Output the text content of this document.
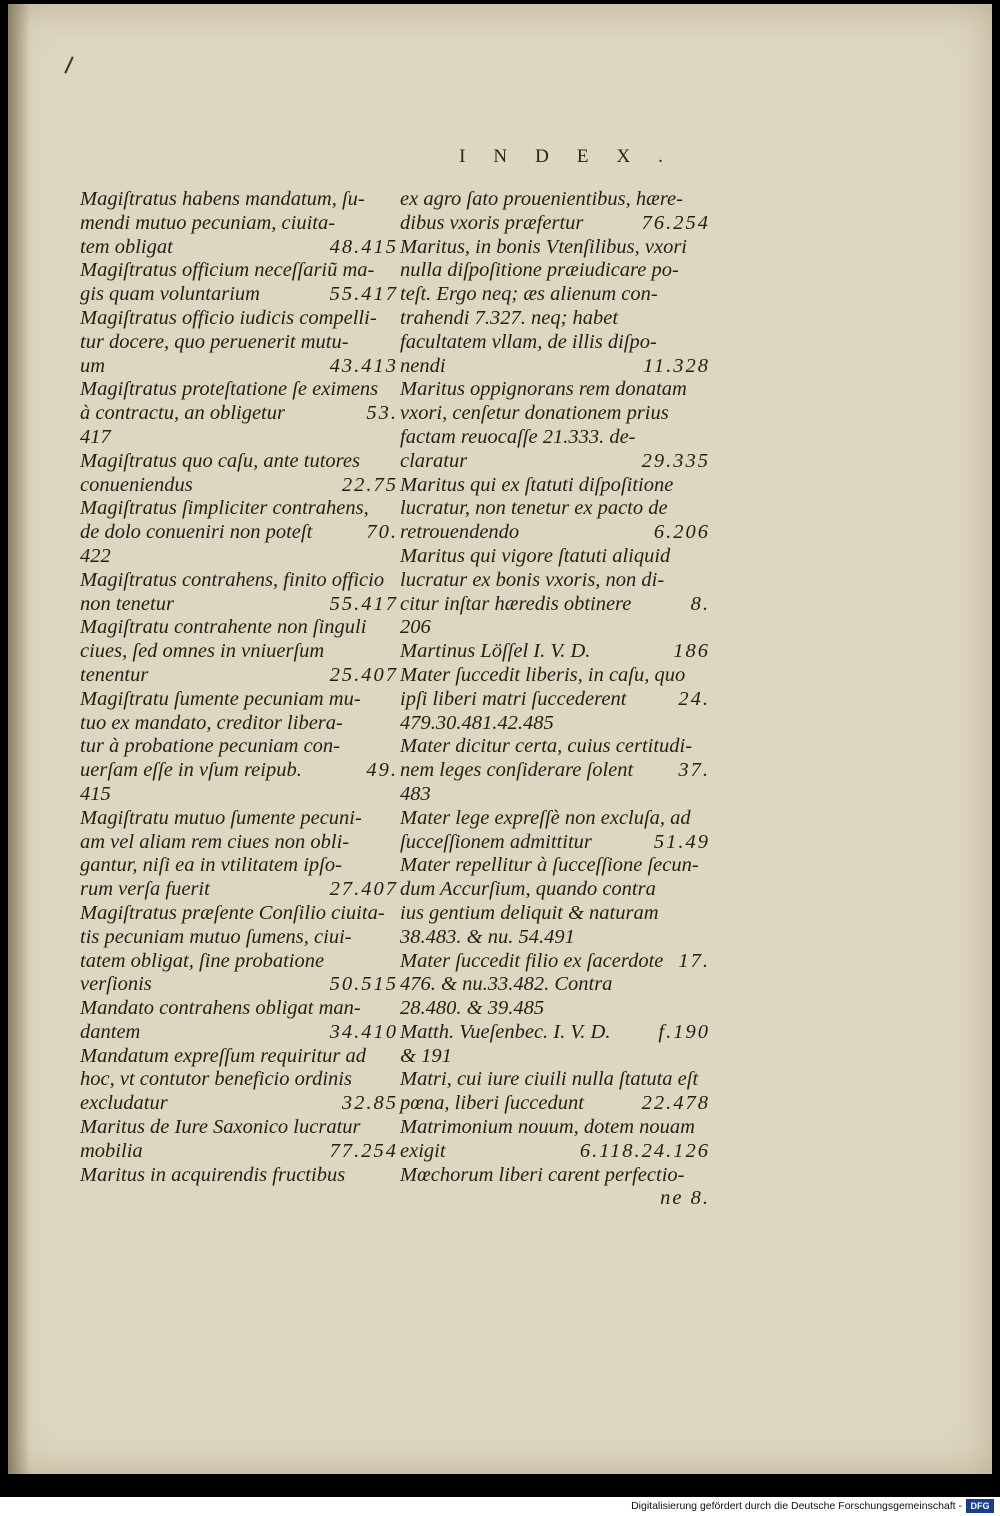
INDEX.
Magiſtratus habens mandatum, ſu-
mendi mutuo pecuniam, ciuita-
tem obligat	48.415
Magiſtratus officium neceſſariũ ma-
gis quam voluntarium	55.417
Magiſtratus officio iudicis compelli-
tur docere, quo peruenerit mutu-
um	43.413
Magiſtratus proteſtatione ſe eximens
à contractu, an obligetur	53.
417
Magiſtratus quo caſu, ante tutores
conueniendus	22.75
Magiſtratus ſimpliciter contrahens,
de dolo conueniri non poteſt	70.
422
Magiſtratus contrahens, finito officio
non tenetur	55.417
Magiſtratu contrahente non ſinguli
ciues, ſed omnes in vniuerſum
tenentur	25.407
Magiſtratu ſumente pecuniam mu-
tuo ex mandato, creditor libera-
tur à probatione pecuniam con-
uerſam eſſe in vſum reipub.	49.
415
Magiſtratu mutuo ſumente pecuni-
am vel aliam rem ciues non obli-
gantur, niſi ea in vtilitatem ipſo-
rum verſa fuerit	27.407
Magiſtratus præſente Conſilio ciuita-
tis pecuniam mutuo ſumens, ciui-
tatem obligat, ſine probatione
verſionis	50.515
Mandato contrahens obligat man-
dantem	34.410
Mandatum expreſſum requiritur ad
hoc, vt contutor beneficio ordinis
excludatur	32.85
Maritus de Iure Saxonico lucratur
mobilia	77.254
Maritus in acquirendis fructibus
ex agro ſato prouenientibus, hære-
dibus vxoris præfertur	76.254
Maritus, in bonis Vtenſilibus, vxori
nulla diſpoſitione præiudicare po-
teſt. Ergo neq; æs alienum con-
trahendi 7.327. neq; habet
facultatem vllam, de illis diſpo-
nendi	11.328
Maritus oppignorans rem donatam
vxori, cenſetur donationem prius
factam reuocaſſe 21.333. de-
claratur	29.335
Maritus qui ex ſtatuti diſpoſitione
lucratur, non tenetur ex pacto de
retrouendendo	6.206
Maritus qui vigore ſtatuti aliquid
lucratur ex bonis vxoris, non di-
citur inſtar hæredis obtinere	8.
206
Martinus Löſſel I. V. D.	186
Mater ſuccedit liberis, in caſu, quo
ipſi liberi matri ſuccederent	24.
479.30.481.42.485
Mater dicitur certa, cuius certitudi-
nem leges conſiderare ſolent 37.
483
Mater lege expreſſè non excluſa, ad
ſucceſſionem admittitur	51.49
Mater repellitur à ſucceſſione ſecun-
dum Accurſium, quando contra
ius gentium deliquit & naturam
38.483. & nu. 54.491
Mater ſuccedit filio ex ſacerdote 17.
476. & nu.33.482. Contra
28.480. & 39.485
Matth. Vueſenbec. I. V. D. f.190
& 191
Matri, cui iure ciuili nulla ſtatuta eſt
pœna, liberi ſuccedunt	22.478
Matrimonium nouum, dotem nouam
exigit	6.118.24.126
Mœchorum liberi carent perfectio-
ne 8.
Digitalisierung gefördert durch die Deutsche Forschungsgemeinschaft - DFG
